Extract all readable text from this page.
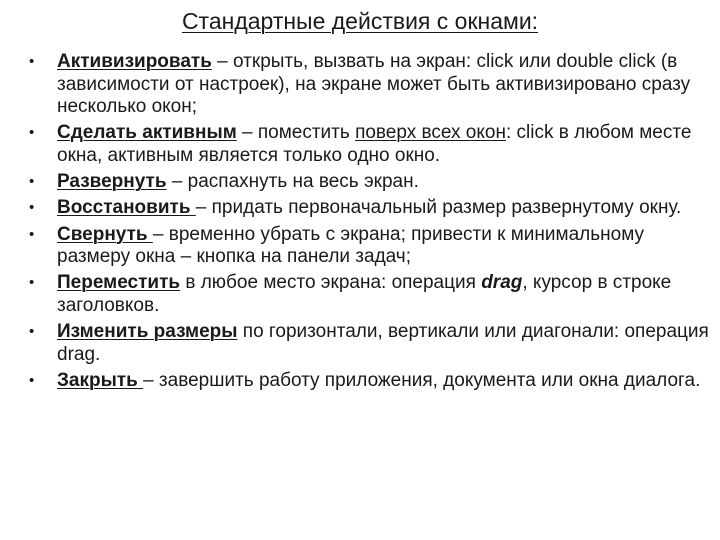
Стандартные действия с окнами:
•	Активизировать – открыть, вызвать на экран: click или double click (в зависимости от настроек), на экране может быть активизировано сразу несколько окон;
•	Сделать активным – поместить поверх всех окон: click в любом месте окна, активным является только одно окно.
•	Развернуть – распахнуть на весь экран.
•	Восстановить – придать первоначальный размер развернутому окну.
•	Свернуть – временно убрать с экрана; привести к минимальному размеру окна – кнопка на панели задач;
•	Переместить в любое место экрана: операция drag, курсор в строке заголовков.
•	Изменить размеры по горизонтали, вертикали или диагонали: операция drag.
•	Закрыть – завершить работу приложения, документа или окна диалога.
